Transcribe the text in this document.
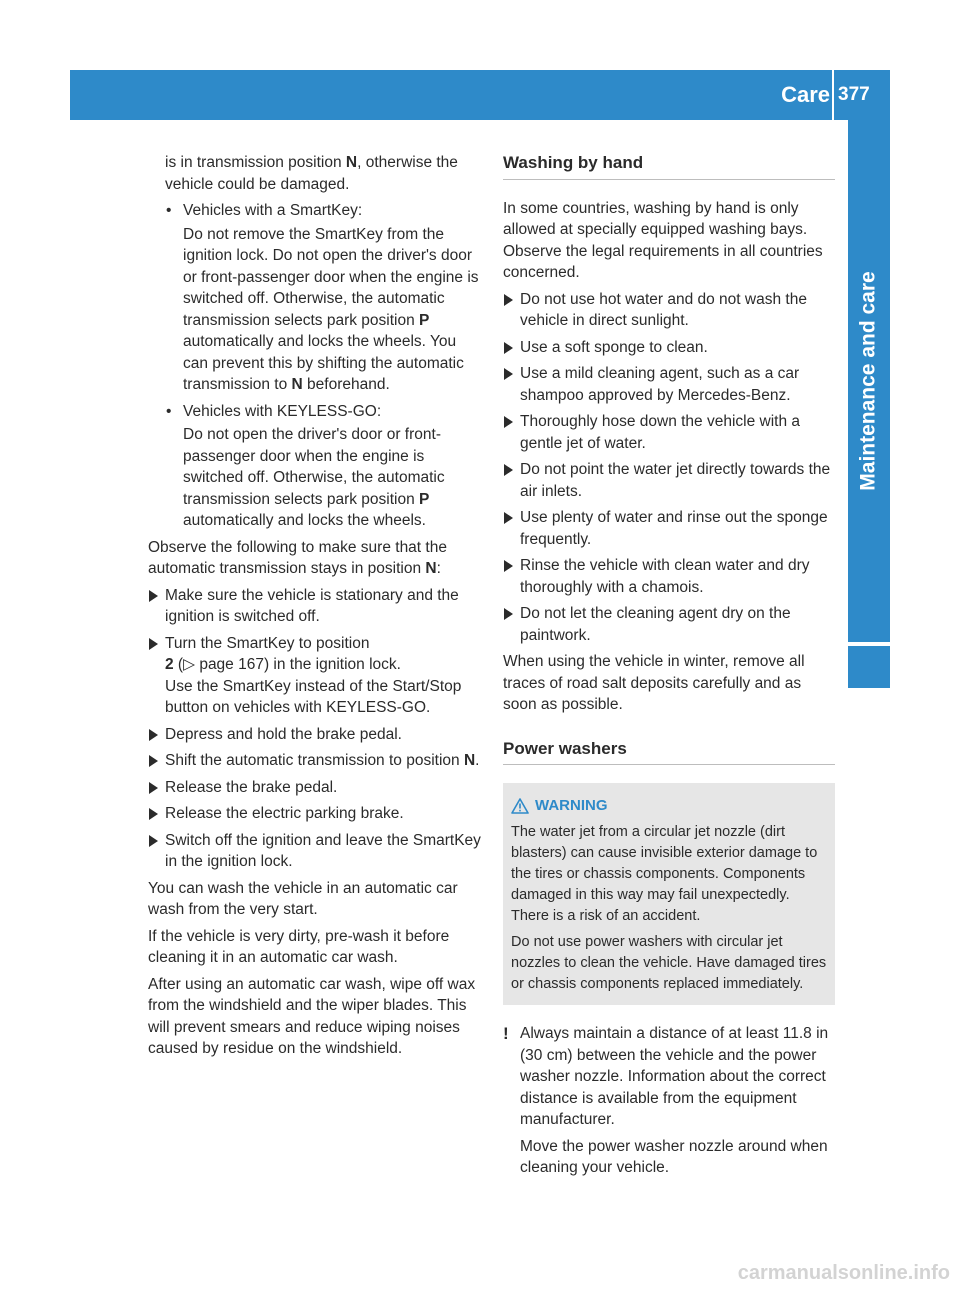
Care 377
Maintenance and care

is in transmission position N, otherwise the vehicle could be damaged.

• Vehicles with a SmartKey:

Do not remove the SmartKey from the ignition lock. Do not open the driver's door or front-passenger door when the engine is switched off. Otherwise, the automatic transmission selects park position P automatically and locks the wheels. You can prevent this by shifting the automatic transmission to N beforehand.

• Vehicles with KEYLESS-GO:

Do not open the driver's door or front-passenger door when the engine is switched off. Otherwise, the automatic transmission selects park position P automatically and locks the wheels.

Observe the following to make sure that the automatic transmission stays in position N:

Make sure the vehicle is stationary and the ignition is switched off.
Turn the SmartKey to position
2 (▷ page 167) in the ignition lock.
Use the SmartKey instead of the Start/Stop button on vehicles with KEYLESS-GO.
Depress and hold the brake pedal.
Shift the automatic transmission to position N.
Release the brake pedal.
Release the electric parking brake.
Switch off the ignition and leave the SmartKey in the ignition lock.

You can wash the vehicle in an automatic car wash from the very start.

If the vehicle is very dirty, pre-wash it before cleaning it in an automatic car wash.

After using an automatic car wash, wipe off wax from the windshield and the wiper blades. This will prevent smears and reduce wiping noises caused by residue on the windshield.

Washing by hand

In some countries, washing by hand is only allowed at specially equipped washing bays. Observe the legal requirements in all countries concerned.

Do not use hot water and do not wash the vehicle in direct sunlight.
Use a soft sponge to clean.
Use a mild cleaning agent, such as a car shampoo approved by Mercedes-Benz.
Thoroughly hose down the vehicle with a gentle jet of water.
Do not point the water jet directly towards the air inlets.
Use plenty of water and rinse out the sponge frequently.
Rinse the vehicle with clean water and dry thoroughly with a chamois.
Do not let the cleaning agent dry on the paintwork.

When using the vehicle in winter, remove all traces of road salt deposits carefully and as soon as possible.

Power washers
WARNING

The water jet from a circular jet nozzle (dirt blasters) can cause invisible exterior damage to the tires or chassis components. Components damaged in this way may fail unexpectedly. There is a risk of an accident.

Do not use power washers with circular jet nozzles to clean the vehicle. Have damaged tires or chassis components replaced immediately.

! Always maintain a distance of at least 11.8 in (30 cm) between the vehicle and the power washer nozzle. Information about the correct distance is available from the equipment manufacturer.

Move the power washer nozzle around when cleaning your vehicle.

carmanualsonline.info
